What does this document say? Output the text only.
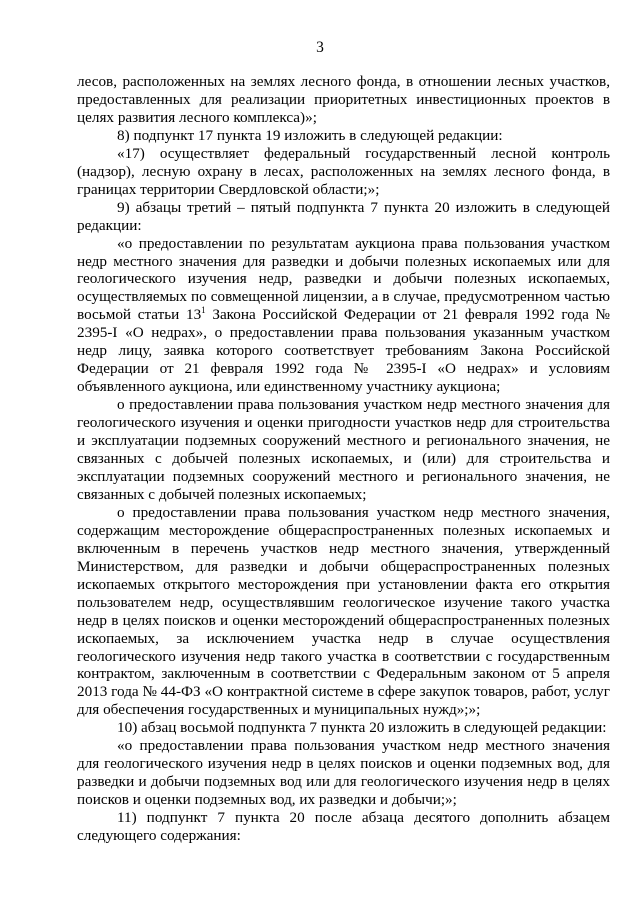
3

лесов, расположенных на землях лесного фонда, в отношении лесных участков, предоставленных для реализации приоритетных инвестиционных проектов в целях развития лесного комплекса)»;

8) подпункт 17 пункта 19 изложить в следующей редакции:

«17) осуществляет федеральный государственный лесной контроль (надзор), лесную охрану в лесах, расположенных на землях лесного фонда, в границах территории Свердловской области;»;

9) абзацы третий – пятый подпункта 7 пункта 20 изложить в следующей редакции:

«о предоставлении по результатам аукциона права пользования участком недр местного значения для разведки и добычи полезных ископаемых или для геологического изучения недр, разведки и добычи полезных ископаемых, осуществляемых по совмещенной лицензии, а в случае, предусмотренном частью восьмой статьи $13^1$ Закона Российской Федерации от 21 февраля 1992 года № 2395-I «О недрах», о предоставлении права пользования указанным участком недр лицу, заявка которого соответствует требованиям Закона Российской Федерации от 21 февраля 1992 года № 2395-I «О недрах» и условиям объявленного аукциона, или единственному участнику аукциона;

о предоставлении права пользования участком недр местного значения для геологического изучения и оценки пригодности участков недр для строительства и эксплуатации подземных сооружений местного и регионального значения, не связанных с добычей полезных ископаемых, и (или) для строительства и эксплуатации подземных сооружений местного и регионального значения, не связанных с добычей полезных ископаемых;

о предоставлении права пользования участком недр местного значения, содержащим месторождение общераспространенных полезных ископаемых и включенным в перечень участков недр местного значения, утвержденный Министерством, для разведки и добычи общераспространенных полезных ископаемых открытого месторождения при установлении факта его открытия пользователем недр, осуществлявшим геологическое изучение такого участка недр в целях поисков и оценки месторождений общераспространенных полезных ископаемых, за исключением участка недр в случае осуществления геологического изучения недр такого участка в соответствии с государственным контрактом, заключенным в соответствии с Федеральным законом от 5 апреля 2013 года № 44-ФЗ «О контрактной системе в сфере закупок товаров, работ, услуг для обеспечения государственных и муниципальных нужд»;»;

10) абзац восьмой подпункта 7 пункта 20 изложить в следующей редакции:

«о предоставлении права пользования участком недр местного значения для геологического изучения недр в целях поисков и оценки подземных вод, для разведки и добычи подземных вод или для геологического изучения недр в целях поисков и оценки подземных вод, их разведки и добычи;»;

11) подпункт 7 пункта 20 после абзаца десятого дополнить абзацем следующего содержания:
